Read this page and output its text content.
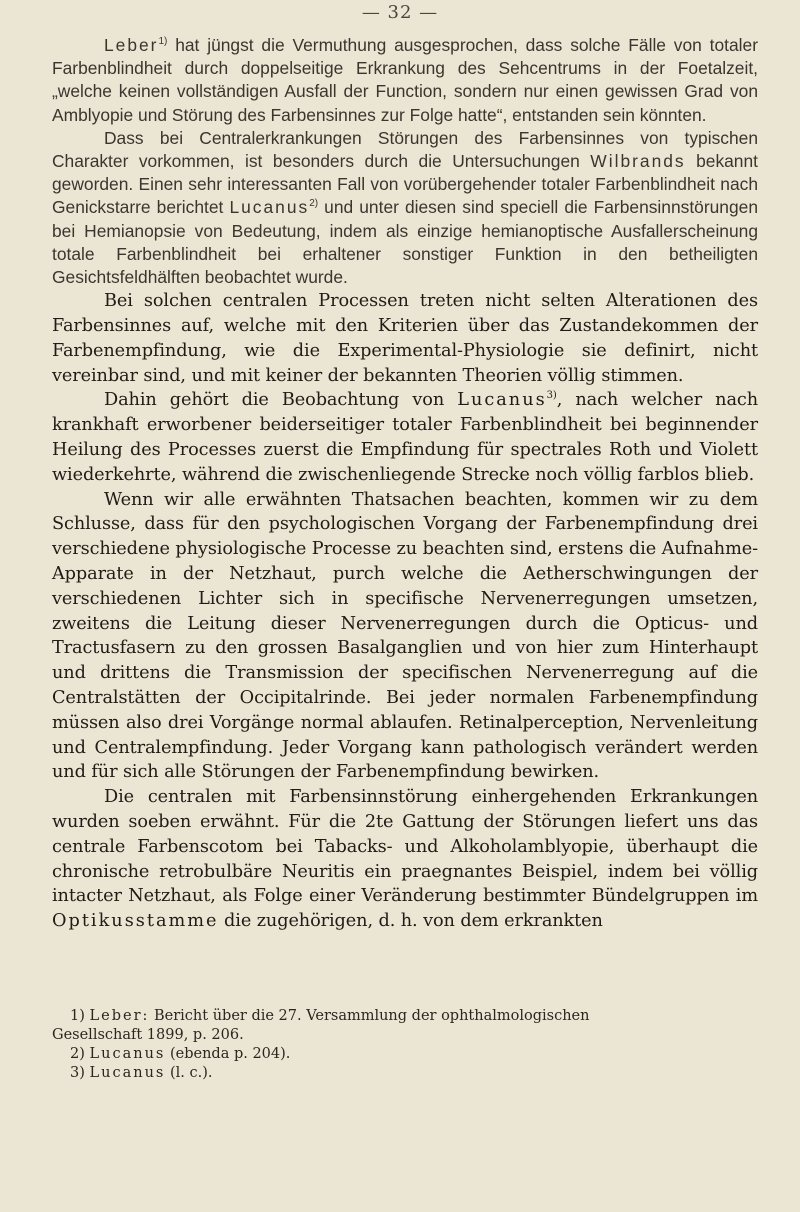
— 32 —

Leber$^{1)}$ hat jüngst die Vermuthung ausgesprochen, dass solche Fälle von totaler Farbenblindheit durch doppelseitige Erkrankung des Sehcentrums in der Foetalzeit, „welche keinen vollständigen Ausfall der Function, sondern nur einen gewissen Grad von Amblyopie und Störung des Farbensinnes zur Folge hatte“, entstanden sein könnten.

Dass bei Centralerkrankungen Störungen des Farbensinnes von typischen Charakter vorkommen, ist besonders durch die Untersuchungen Wilbrands bekannt geworden. Einen sehr interessanten Fall von vorübergehender totaler Farbenblindheit nach Genickstarre berichtet Lucanus$^{2)}$ und unter diesen sind speciell die Farbensinnstörungen bei Hemianopsie von Bedeutung, indem als einzige hemianoptische Ausfallerscheinung totale Farbenblindheit bei erhaltener sonstiger Funktion in den betheiligten Gesichtsfeldhälften beobachtet wurde.

Bei solchen centralen Processen treten nicht selten Alterationen des Farbensinnes auf, welche mit den Kriterien über das Zustandekommen der Farbenempfindung, wie die Experimental-Physiologie sie definirt, nicht vereinbar sind, und mit keiner der bekannten Theorien völlig stimmen.

Dahin gehört die Beobachtung von Lucanus$^{3)}$, nach welcher nach krankhaft erworbener beiderseitiger totaler Farbenblindheit bei beginnender Heilung des Processes zuerst die Empfindung für spectrales Roth und Violett wiederkehrte, während die zwischenliegende Strecke noch völlig farblos blieb.

Wenn wir alle erwähnten Thatsachen beachten, kommen wir zu dem Schlusse, dass für den psychologischen Vorgang der Farbenempfindung drei verschiedene physiologische Processe zu beachten sind, erstens die Aufnahme-Apparate in der Netzhaut, purch welche die Aetherschwingungen der verschiedenen Lichter sich in specifische Nervenerregungen umsetzen, zweitens die Leitung dieser Nervenerregungen durch die Opticus- und Tractusfasern zu den grossen Basalganglien und von hier zum Hinterhaupt und drittens die Transmission der specifischen Nervenerregung auf die Centralstätten der Occipitalrinde. Bei jeder normalen Farbenempfindung müssen also drei Vorgänge normal ablaufen. Retinalperception, Nervenleitung und Centralempfindung. Jeder Vorgang kann pathologisch verändert werden und für sich alle Störungen der Farbenempfindung bewirken.

Die centralen mit Farbensinnstörung einhergehenden Erkrankungen wurden soeben erwähnt. Für die 2te Gattung der Störungen liefert uns das centrale Farbenscotom bei Tabacks- und Alkoholamblyopie, überhaupt die chronische retrobulbäre Neuritis ein praegnantes Beispiel, indem bei völlig intacter Netzhaut, als Folge einer Veränderung bestimmter Bündelgruppen im Optikusstamme die zugehörigen, d. h. von dem erkrankten

1) Leber: Bericht über die 27. Versammlung der ophthalmologischen

Gesellschaft 1899, p. 206.

2) Lucanus (ebenda p. 204).

3) Lucanus (l. c.).
